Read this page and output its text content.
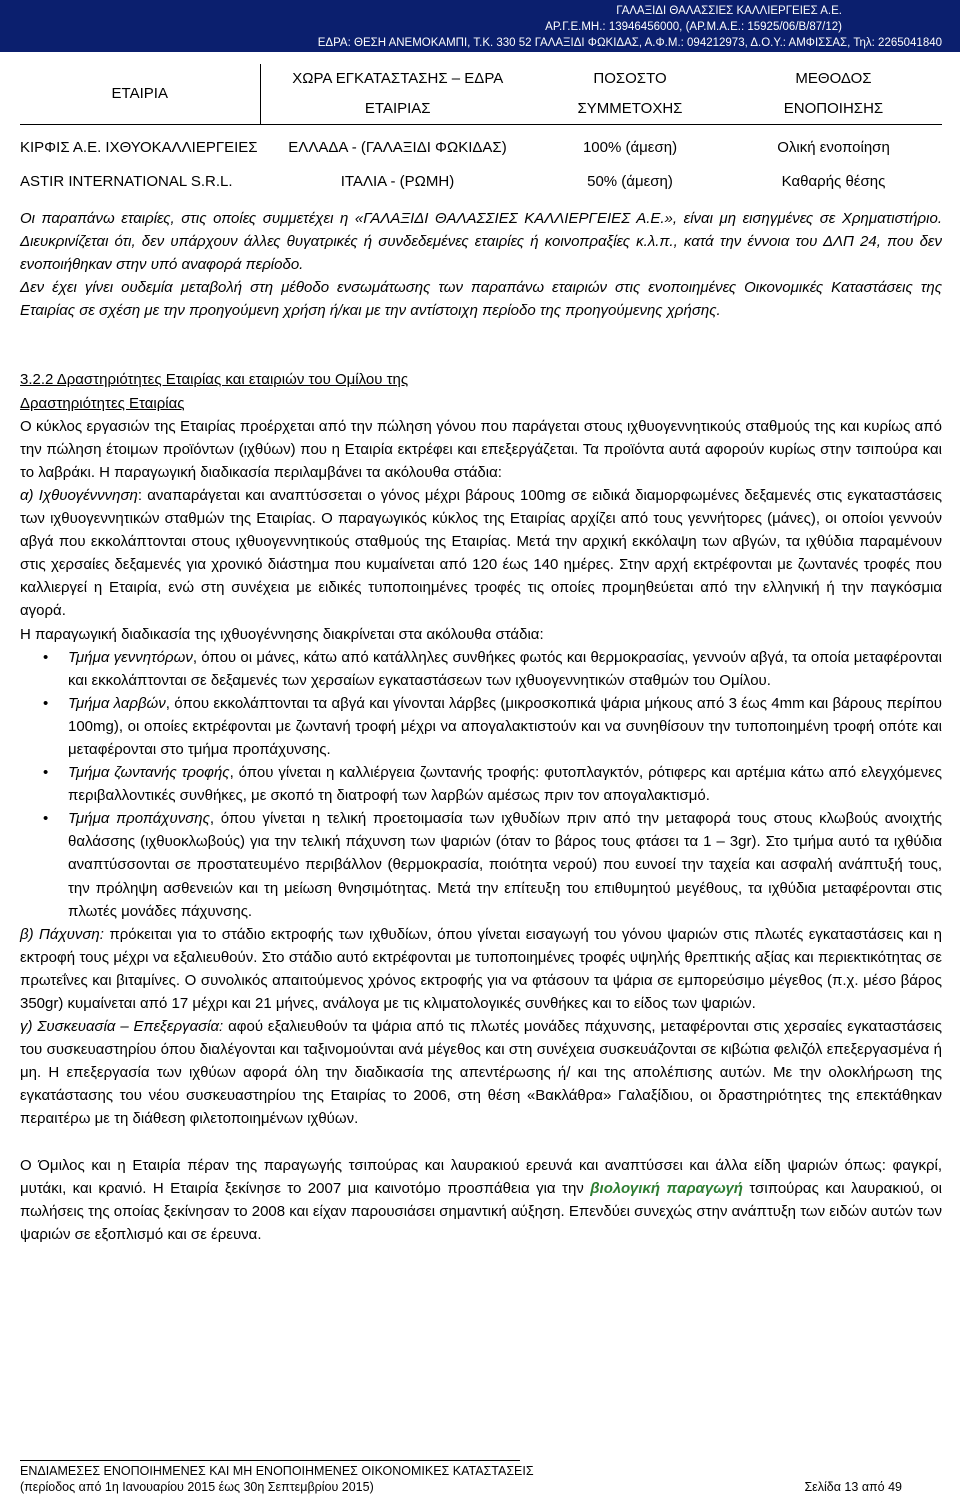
ΓΑΛΑΞΙΔΙ ΘΑΛΑΣΣΙΕΣ ΚΑΛΛΙΕΡΓΕΙΕΣ Α.Ε.
ΑΡ.Γ.Ε.ΜΗ.: 13946456000, (ΑΡ.Μ.Α.Ε.: 15925/06/Β/87/12)
ΕΔΡΑ: ΘΕΣΗ ΑΝΕΜΟΚΑΜΠΙ, Τ.Κ. 330 52 ΓΑΛΑΞΙΔΙ ΦΩΚΙΔΑΣ, Α.Φ.Μ.: 094212973, Δ.Ο.Υ.: ΑΜΦΙΣΣΑΣ, Τηλ: 2265041840
ΕΤΑΙΡΙΑ	ΧΩΡΑ ΕΓΚΑΤΑΣΤΑΣΗΣ – ΕΔΡΑ	ΠΟΣΟΣΤΟ	ΜΕΘΟΔΟΣ
	ΕΤΑΙΡΙΑΣ	ΣΥΜΜΕΤΟΧΗΣ	ΕΝΟΠΟΙΗΣΗΣ

ΚΙΡΦΙΣ Α.Ε. ΙΧΘΥΟΚΑΛΛΙΕΡΓΕΙΕΣ	ΕΛΛΑΔΑ - (ΓΑΛΑΞΙΔΙ ΦΩΚΙΔΑΣ)	100% (άμεση)	Ολική ενοποίηση
ASTIR INTERNATIONAL S.R.L.	ΙΤΑΛΙΑ - (ΡΩΜΗ)	50% (άμεση)	Καθαρής θέσης

Οι παραπάνω εταιρίες, στις οποίες συμμετέχει η «ΓΑΛΑΞΙΔΙ ΘΑΛΑΣΣΙΕΣ ΚΑΛΛΙΕΡΓΕΙΕΣ Α.Ε.», είναι μη εισηγμένες σε Χρηματιστήριο. Διευκρινίζεται ότι, δεν υπάρχουν άλλες θυγατρικές ή συνδεδεμένες εταιρίες ή κοινοπραξίες κ.λ.π., κατά την έννοια του ΔΛΠ 24, που δεν ενοποιήθηκαν στην υπό αναφορά περίοδο.

Δεν έχει γίνει ουδεμία μεταβολή στη μέθοδο ενσωμάτωσης των παραπάνω εταιριών στις ενοποιημένες Οικονομικές Καταστάσεις της Εταιρίας σε σχέση με την προηγούμενη χρήση ή/και με την αντίστοιχη περίοδο της προηγούμενης χρήσης.

3.2.2 Δραστηριότητες Εταιρίας και εταιριών του Ομίλου της

Δραστηριότητες Εταιρίας

Ο κύκλος εργασιών της Εταιρίας προέρχεται από την πώληση γόνου που παράγεται στους ιχθυογεννητικούς σταθμούς της και κυρίως από την πώληση έτοιμων προϊόντων (ιχθύων) που η Εταιρία εκτρέφει και επεξεργάζεται. Τα προϊόντα αυτά αφορούν κυρίως στην τσιπούρα και το λαβράκι. Η παραγωγική διαδικασία περιλαμβάνει τα ακόλουθα στάδια:

α) Ιχθυογένννηση: αναπαράγεται και αναπτύσσεται ο γόνος μέχρι βάρους 100mg σε ειδικά διαμορφωμένες δεξαμενές στις εγκαταστάσεις των ιχθυογεννητικών σταθμών της Εταιρίας. Ο παραγωγικός κύκλος της Εταιρίας αρχίζει από τους γεννήτορες (μάνες), οι οποίοι γεννούν αβγά που εκκολάπτονται στους ιχθυογεννητικούς σταθμούς της Εταιρίας. Μετά την αρχική εκκόλαψη των αβγών, τα ιχθύδια παραμένουν στις χερσαίες δεξαμενές για χρονικό διάστημα που κυμαίνεται από 120 έως 140 ημέρες. Στην αρχή εκτρέφονται με ζωντανές τροφές που καλλιεργεί η Εταιρία, ενώ στη συνέχεια με ειδικές τυποποιημένες τροφές τις οποίες προμηθεύεται από την ελληνική ή την παγκόσμια αγορά.

Η παραγωγική διαδικασία της ιχθυογέννησης διακρίνεται στα ακόλουθα στάδια:

• Τμήμα γεννητόρων, όπου οι μάνες, κάτω από κατάλληλες συνθήκες φωτός και θερμοκρασίας, γεννούν αβγά, τα οποία μεταφέρονται και εκκολάπτονται σε δεξαμενές των χερσαίων εγκαταστάσεων των ιχθυογεννητικών σταθμών του Ομίλου.

• Τμήμα λαρβών, όπου εκκολάπτονται τα αβγά και γίνονται λάρβες (μικροσκοπικά ψάρια μήκους από 3 έως 4mm και βάρους περίπου 100mg), οι οποίες εκτρέφονται με ζωντανή τροφή μέχρι να απογαλακτιστούν και να συνηθίσουν την τυποποιημένη τροφή οπότε και μεταφέρονται στο τμήμα προπάχυνσης.

• Τμήμα ζωντανής τροφής, όπου γίνεται η καλλιέργεια ζωντανής τροφής: φυτοπλαγκτόν, ρότιφερς και αρτέμια κάτω από ελεγχόμενες περιβαλλοντικές συνθήκες, με σκοπό τη διατροφή των λαρβών αμέσως πριν τον απογαλακτισμό.

• Τμήμα προπάχυνσης, όπου γίνεται η τελική προετοιμασία των ιχθυδίων πριν από την μεταφορά τους στους κλωβούς ανοιχτής θαλάσσης (ιχθυοκλωβούς) για την τελική πάχυνση των ψαριών (όταν το βάρος τους φτάσει τα 1 – 3gr). Στο τμήμα αυτό τα ιχθύδια αναπτύσσονται σε προστατευμένο περιβάλλον (θερμοκρασία, ποιότητα νερού) που ευνοεί την ταχεία και ασφαλή ανάπτυξή τους, την πρόληψη ασθενειών και τη μείωση θνησιμότητας. Μετά την επίτευξη του επιθυμητού μεγέθους, τα ιχθύδια μεταφέρονται στις πλωτές μονάδες πάχυνσης.

β) Πάχυνση: πρόκειται για το στάδιο εκτροφής των ιχθυδίων, όπου γίνεται εισαγωγή του γόνου ψαριών στις πλωτές εγκαταστάσεις και η εκτροφή τους μέχρι να εξαλιευθούν. Στο στάδιο αυτό εκτρέφονται με τυποποιημένες τροφές υψηλής θρεπτικής αξίας και περιεκτικότητας σε πρωτεΐνες και βιταμίνες. Ο συνολικός απαιτούμενος χρόνος εκτροφής για να φτάσουν τα ψάρια σε εμπορεύσιμο μέγεθος (π.χ. μέσο βάρος 350gr) κυμαίνεται από 17 μέχρι και 21 μήνες, ανάλογα με τις κλιματολογικές συνθήκες και το είδος των ψαριών.

γ) Συσκευασία – Επεξεργασία: αφού εξαλιευθούν τα ψάρια από τις πλωτές μονάδες πάχυνσης, μεταφέρονται στις χερσαίες εγκαταστάσεις του συσκευαστηρίου όπου διαλέγονται και ταξινομούνται ανά μέγεθος και στη συνέχεια συσκευάζονται σε κιβώτια φελιζόλ επεξεργασμένα ή μη. Η επεξεργασία των ιχθύων αφορά όλη την διαδικασία της απεντέρωσης ή/ και της απολέπισης αυτών. Με την ολοκλήρωση της εγκατάστασης του νέου συσκευαστηρίου της Εταιρίας το 2006, στη θέση «Βακλάθρα» Γαλαξίδιου, οι δραστηριότητες της επεκτάθηκαν περαιτέρω με τη διάθεση φιλετοποιημένων ιχθύων.

Ο Όμιλος και η Εταιρία πέραν της παραγωγής τσιπούρας και λαυρακιού ερευνά και αναπτύσσει και άλλα είδη ψαριών όπως: φαγκρί, μυτάκι, και κρανιό. Η Εταιρία ξεκίνησε το 2007 μια καινοτόμο προσπάθεια για την βιολογική παραγωγή τσιπούρας και λαυρακιού, οι πωλήσεις της οποίας ξεκίνησαν το 2008 και είχαν παρουσιάσει σημαντική αύξηση. Επενδύει συνεχώς στην ανάπτυξη των ειδών αυτών των ψαριών σε εξοπλισμό και σε έρευνα.

ΕΝΔΙΑΜΕΣΕΣ ΕΝΟΠΟΙΗΜΕΝΕΣ ΚΑΙ ΜΗ ΕΝΟΠΟΙΗΜΕΝΕΣ ΟΙΚΟΝΟΜΙΚΕΣ ΚΑΤΑΣΤΑΣΕΙΣ
(περίοδος από 1η Ιανουαρίου 2015 έως 30η Σεπτεμβρίου 2015)	Σελίδα 13 από 49
